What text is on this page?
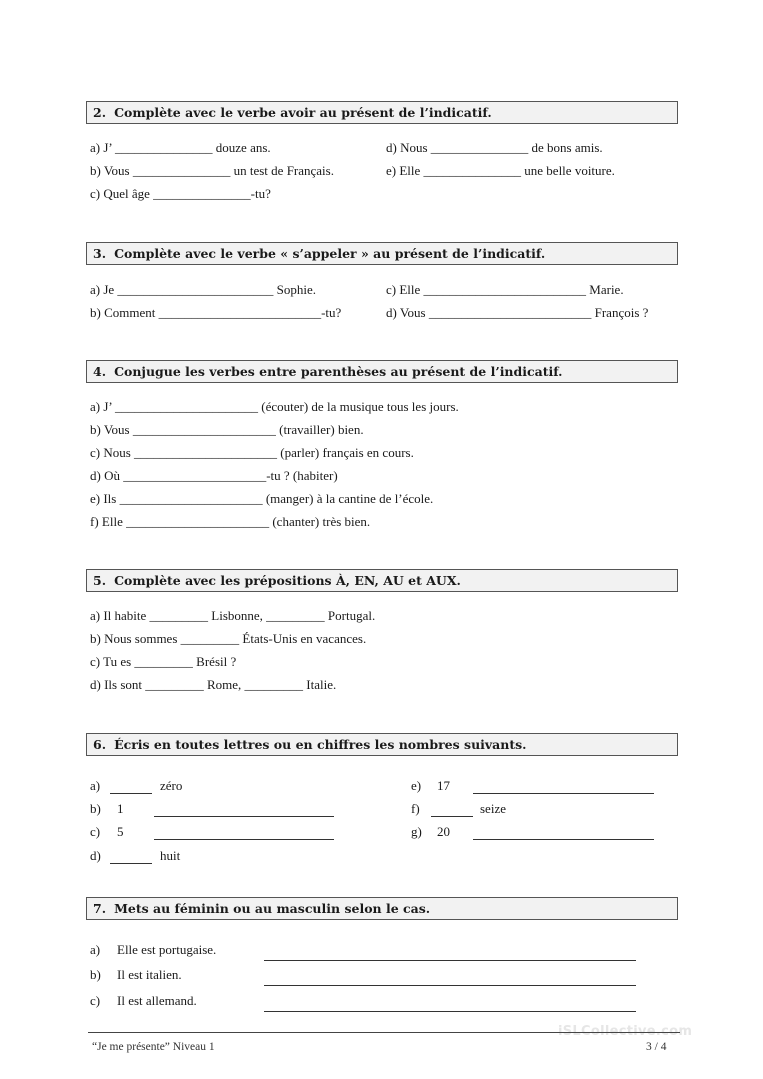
2. Complète avec le verbe avoir au présent de l’indicatif.
a) J’ _______________ douze ans.
b) Vous _______________ un test de Français.
c) Quel âge _______________-tu?
d) Nous _______________ de bons amis.
e) Elle _______________ une belle voiture.
3. Complète avec le verbe « s’appeler » au présent de l’indicatif.
a) Je ________________________ Sophie.
b) Comment _________________________-tu?
c) Elle _________________________ Marie.
d) Vous _________________________ François ?
4. Conjugue les verbes entre parenthèses au présent de l’indicatif.
a) J’ ______________________ (écouter) de la musique tous les jours.
b) Vous ______________________ (travailler) bien.
c) Nous ______________________ (parler) français en cours.
d) Où ______________________-tu ? (habiter)
e) Ils ______________________ (manger) à la cantine de l’école.
f) Elle ______________________ (chanter) très bien.
5. Complète avec les prépositions À, EN, AU et AUX.
a) Il habite _________ Lisbonne, _________ Portugal.
b) Nous sommes _________ États-Unis en vacances.
c) Tu es _________ Brésil ?
d) Ils sont _________ Rome, _________ Italie.
6. Écris en toutes lettres ou en chiffres les nombres suivants.
a)	zéro
b) 1
c) 5
d)	huit
e) 17
f)	seize
g) 20
7. Mets au féminin ou au masculin selon le cas.
a) Elle est portugaise.
b) Il est italien.
c) Il est allemand.
iSLCollective.com
“Je me présente” Niveau 1	3 / 4
